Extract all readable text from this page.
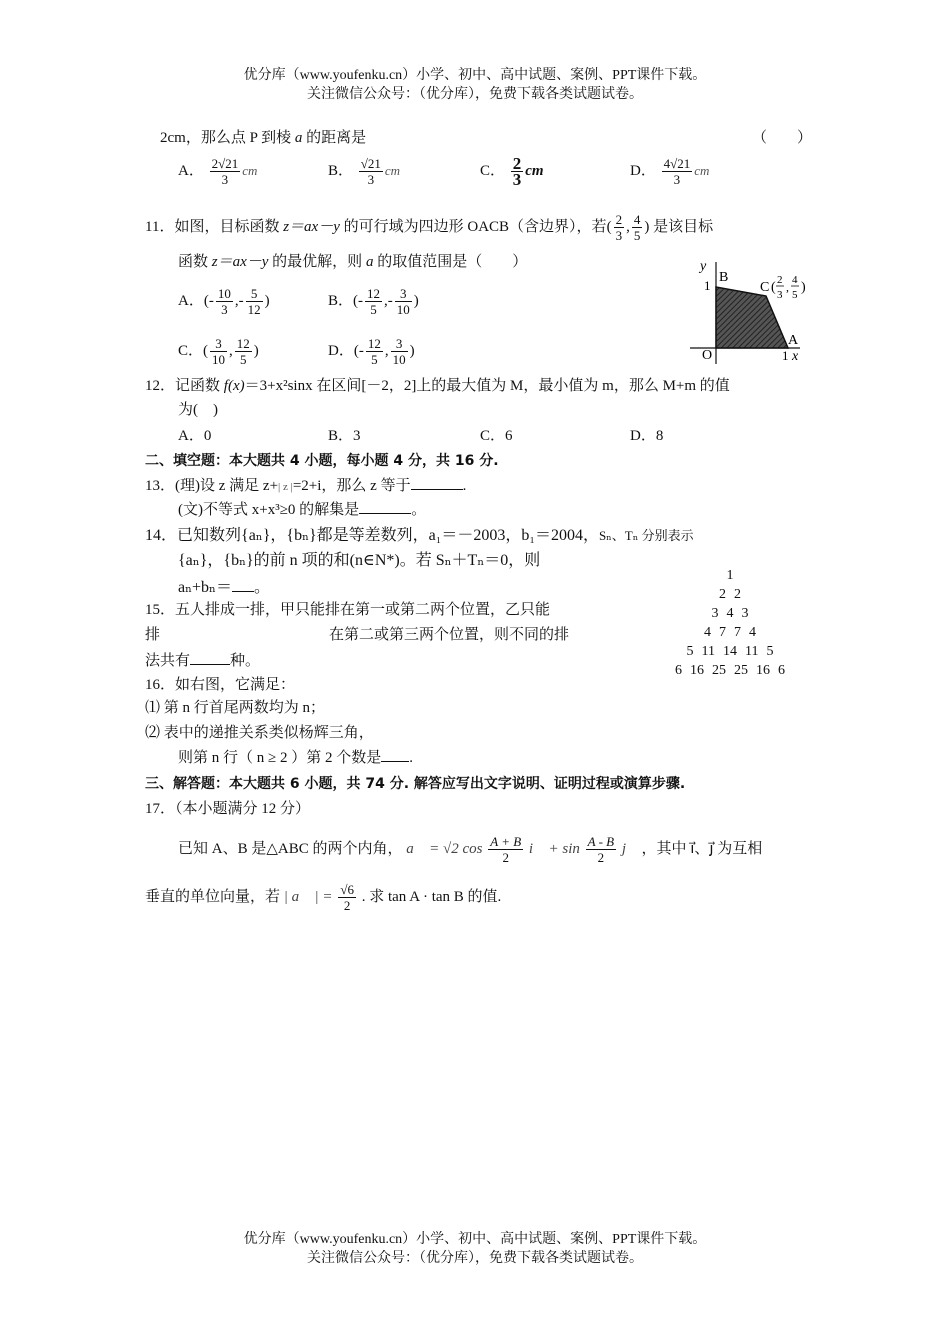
优分库（www.youfenku.cn）小学、初中、高中试题、案例、PPT课件下载。
关注微信公众号：（优分库），免费下载各类试题试卷。
2cm，那么点 P 到棱 a 的距离是	（　　）
A． $\frac{2√21}{3}$ cm	B． $\frac{√21}{3}$ cm	C． $\frac{2}{3}$ cm	D． $\frac{4√21}{3}$ cm
11．如图，目标函数 z＝ax－y 的可行域为四边形 OACB（含边界），若( $\frac{2}{3}$ , $\frac{4}{5}$ ) 是该目标
函数 z＝ax－y 的最优解，则 a 的取值范围是（　　）
A．(- $\frac{10}{3}$ ,- $\frac{5}{12}$ )	B．(- $\frac{12}{5}$ ,- $\frac{3}{10}$ )
C．( $\frac{3}{10}$ , $\frac{12}{5}$ )	D．(- $\frac{12}{5}$ , $\frac{3}{10}$ )
y
x
O
B
1
A
1
C ( 2
3
, 4
5 )
12．记函数 f(x)＝3+x²sinx 在区间[－2，2]上的最大值为 M，最小值为 m，那么 M+m 的值
为(　)
A．0	B．3	C．6	D．8
二、填空题：本大题共 4 小题，每小题 4 分，共 16 分.
13．(理)设 z 满足 z+| z |=2+i，那么 z 等于	.
(文)不等式 x+x³≥0 的解集是	。
14．已知数列{aₙ}，{bₙ}都是等差数列，a₁＝－2003，b₁＝2004，Sₙ、Tₙ 分别表示
{aₙ}，{bₙ}的前 n 项的和(n∈N*)。若 Sₙ＋Tₙ＝0，则
aₙ+bₙ＝ 。
15．五人排成一排，甲只能排在第一或第二两个位置，乙只能
排	在第二或第三两个位置，则不同的排
法共有	种。
1
2 2
3 4 3
4 7 7 4
5 11 14 11 5
6 16 25 25 16 6
16．如右图，它满足：
⑴ 第 n 行首尾两数均为 n；
⑵ 表中的递推关系类似杨辉三角，
则第 n 行（ n ≥ 2 ）第 2 个数是 .
三、解答题：本大题共 6 小题，共 74 分. 解答应写出文字说明、证明过程或演算步骤.
17．（本小题满分 12 分）
已知 A、B 是△ABC 的两个内角， a⃗ = √2 $\cos \frac{A + B}{2}$ i⃗ + $\sin \frac{A - B}{2}$ j⃗ ，其中 i⃗、j⃗ 为互相
垂直的单位向量，若 | a⃗ | = $\frac{√6}{2}$ . 求 tan A · tan B 的值.
优分库（www.youfenku.cn）小学、初中、高中试题、案例、PPT课件下载。
关注微信公众号：（优分库），免费下载各类试题试卷。
